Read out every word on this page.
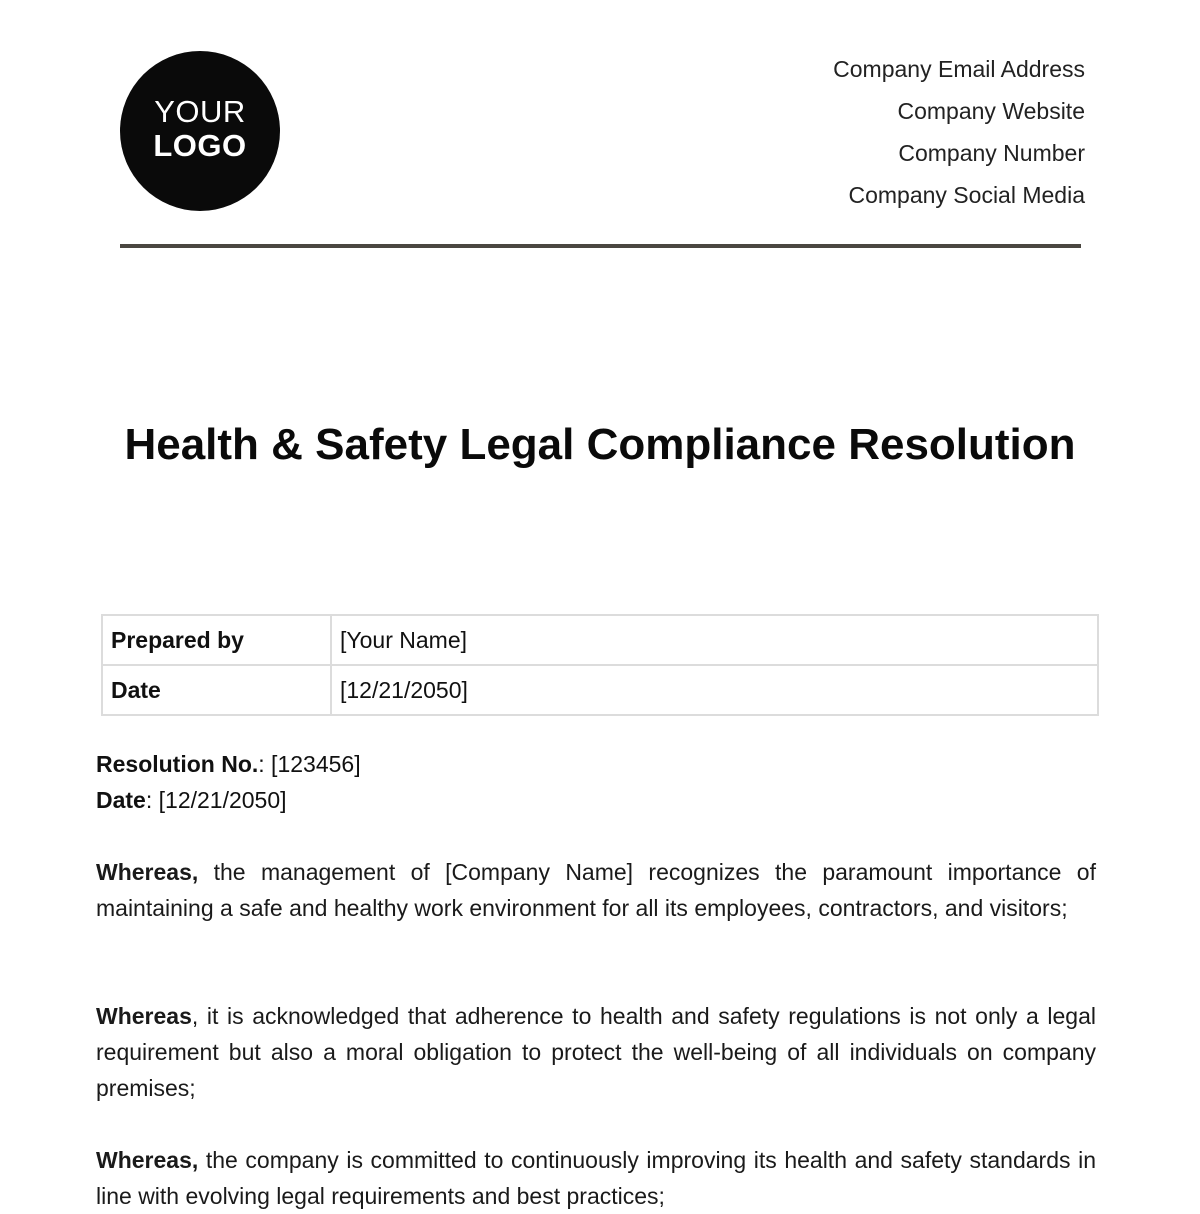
YOUR
LOGO
Company Email Address
Company Website
Company Number
Company Social Media
Health & Safety Legal Compliance Resolution
Prepared by	[Your Name]
Date	[12/21/2050]
Resolution No.: [123456]
Date: [12/21/2050]
Whereas, the management of [Company Name] recognizes the paramount importance of maintaining a safe and healthy work environment for all its employees, contractors, and visitors;
Whereas, it is acknowledged that adherence to health and safety regulations is not only a legal requirement but also a moral obligation to protect the well-being of all individuals on company premises;
Whereas, the company is committed to continuously improving its health and safety standards in line with evolving legal requirements and best practices;
